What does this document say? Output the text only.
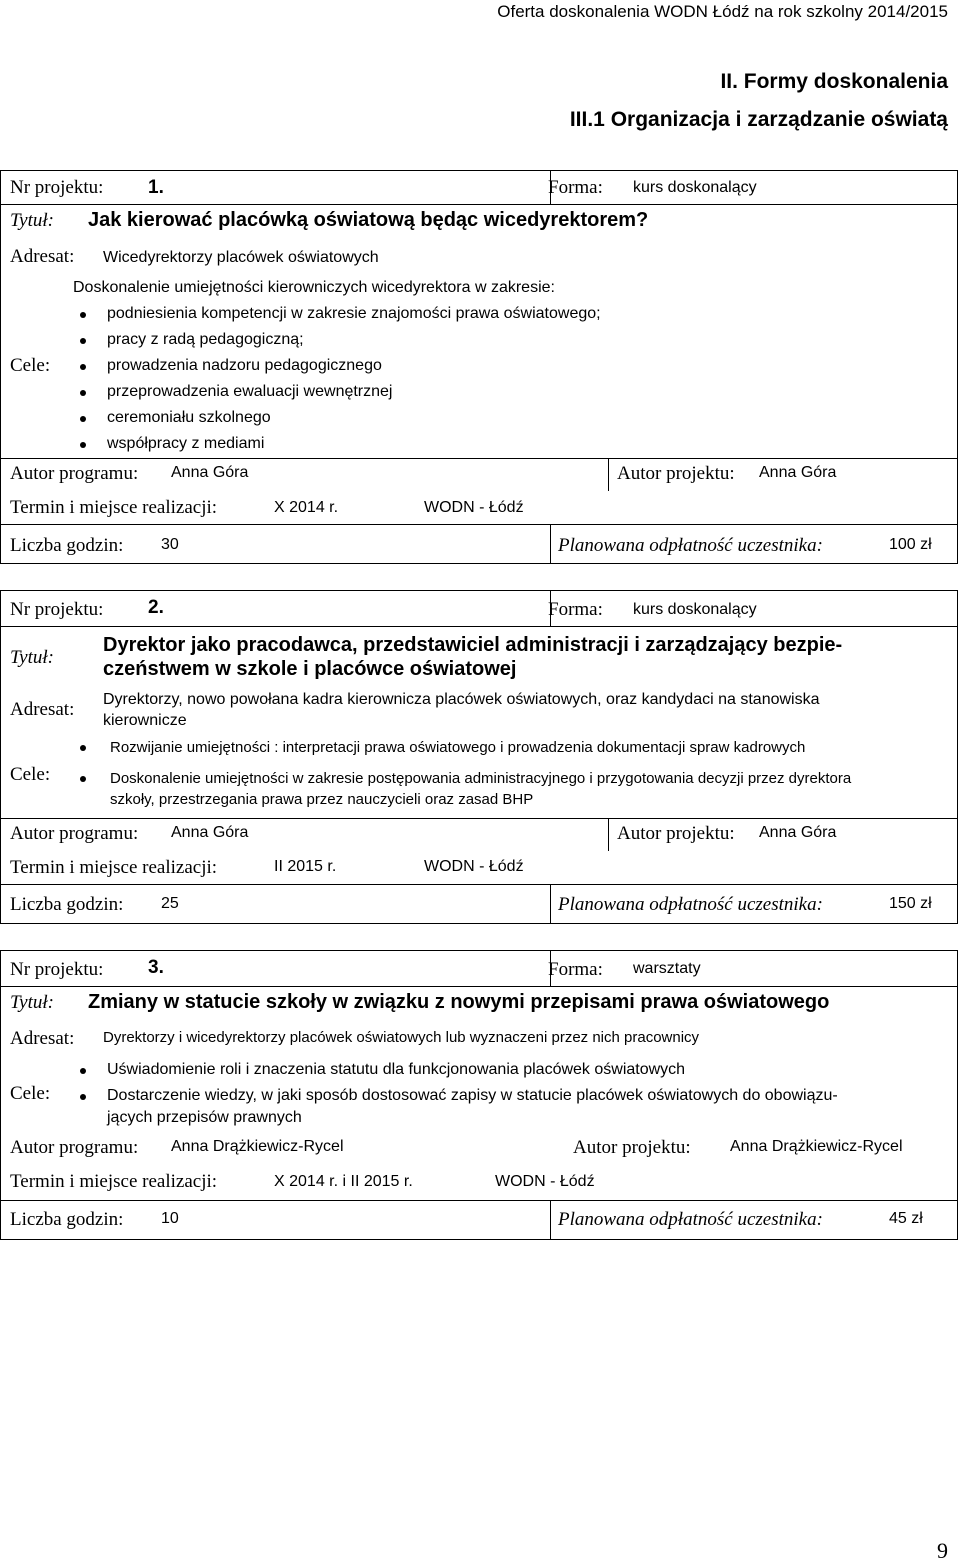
Oferta doskonalenia WODN Łódź na rok szkolny 2014/2015
II. Formy doskonalenia
III.1 Organizacja i zarządzanie oświatą
Nr projektu: 1.	Forma: kurs doskonalący
Tytuł: Jak kierować placówką oświatową będąc wicedyrektorem?
Adresat: Wicedyrektorzy placówek oświatowych
Doskonalenie umiejętności kierowniczych wicedyrektora w zakresie:
Cele:
podniesienia kompetencji w zakresie znajomości prawa oświatowego;
pracy z radą pedagogiczną;
prowadzenia nadzoru pedagogicznego
przeprowadzenia ewaluacji wewnętrznej
ceremoniału szkolnego
współpracy z mediami
Autor programu: Anna Góra	Autor projektu: Anna Góra
Termin i miejsce realizacji:	X 2014 r.	WODN - Łódź
Liczba godzin: 30	Planowana odpłatność uczestnika:	100 zł
Nr projektu: 2.	Forma: kurs doskonalący
Tytuł:
Dyrektor jako pracodawca, przedstawiciel administracji i zarządzający bezpie-
czeństwem w szkole i placówce oświatowej
Adresat: Dyrektorzy, nowo powołana kadra kierownicza placówek oświatowych, oraz kandydaci na stanowiska
kierownicze
Cele:
Rozwijanie umiejętności : interpretacji prawa oświatowego i prowadzenia dokumentacji spraw kadrowych
Doskonalenie umiejętności w zakresie postępowania administracyjnego i przygotowania decyzji przez dyrektora
szkoły, przestrzegania prawa przez nauczycieli oraz zasad BHP
Autor programu: Anna Góra	Autor projektu: Anna Góra
Termin i miejsce realizacji:	II 2015 r.	WODN - Łódź
Liczba godzin: 25	Planowana odpłatność uczestnika:	150 zł
Nr projektu: 3.	Forma: warsztaty
Tytuł: Zmiany w statucie szkoły w związku z nowymi przepisami prawa oświatowego
Adresat: Dyrektorzy i wicedyrektorzy placówek oświatowych lub wyznaczeni przez nich pracownicy
Cele:
Uświadomienie roli i znaczenia statutu dla funkcjonowania placówek oświatowych
Dostarczenie wiedzy, w jaki sposób dostosować zapisy w statucie placówek oświatowych do obowiązu-
jących przepisów prawnych
Autor programu: Anna Drążkiewicz-Rycel	Autor projektu: Anna Drążkiewicz-Rycel
Termin i miejsce realizacji:	X 2014 r. i II 2015 r.	WODN - Łódź
Liczba godzin: 10	Planowana odpłatność uczestnika:	45 zł
9
